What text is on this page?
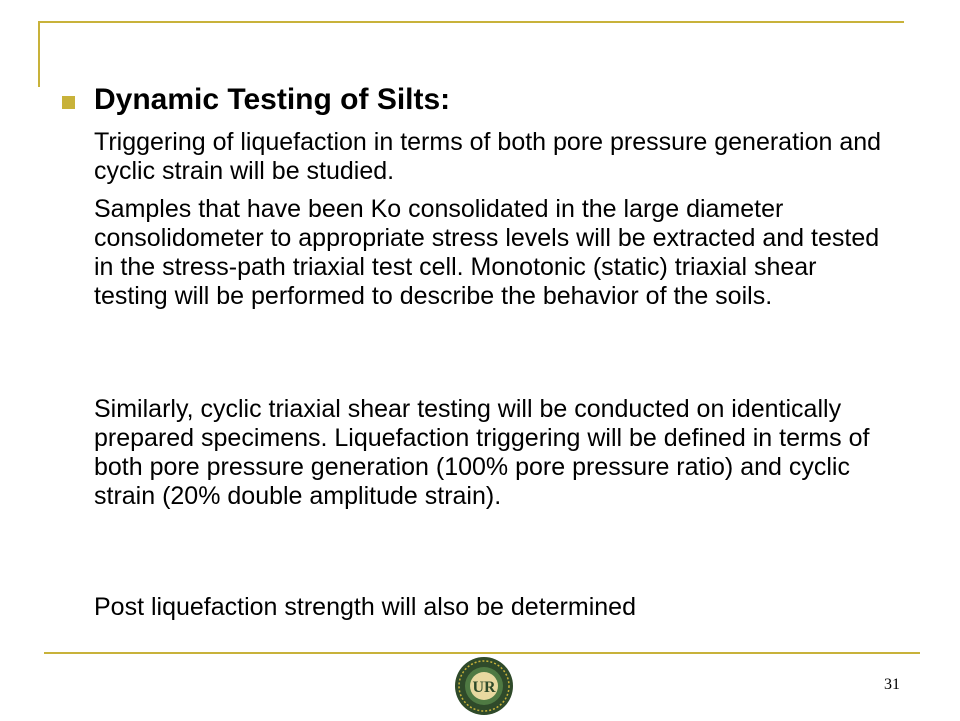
Dynamic Testing of Silts:
Triggering of liquefaction in terms of both pore pressure generation and cyclic strain will be studied.
Samples that have been Ko consolidated in the large diameter consolidometer to appropriate stress levels will be extracted and tested in the stress-path triaxial test cell. Monotonic (static) triaxial shear testing will be performed to describe the behavior of the soils.
Similarly, cyclic triaxial shear testing will be conducted on identically prepared specimens. Liquefaction triggering will be defined in terms of both pore pressure generation (100% pore pressure ratio) and cyclic strain (20% double amplitude strain).
Post liquefaction strength will also be determined
UR	31
